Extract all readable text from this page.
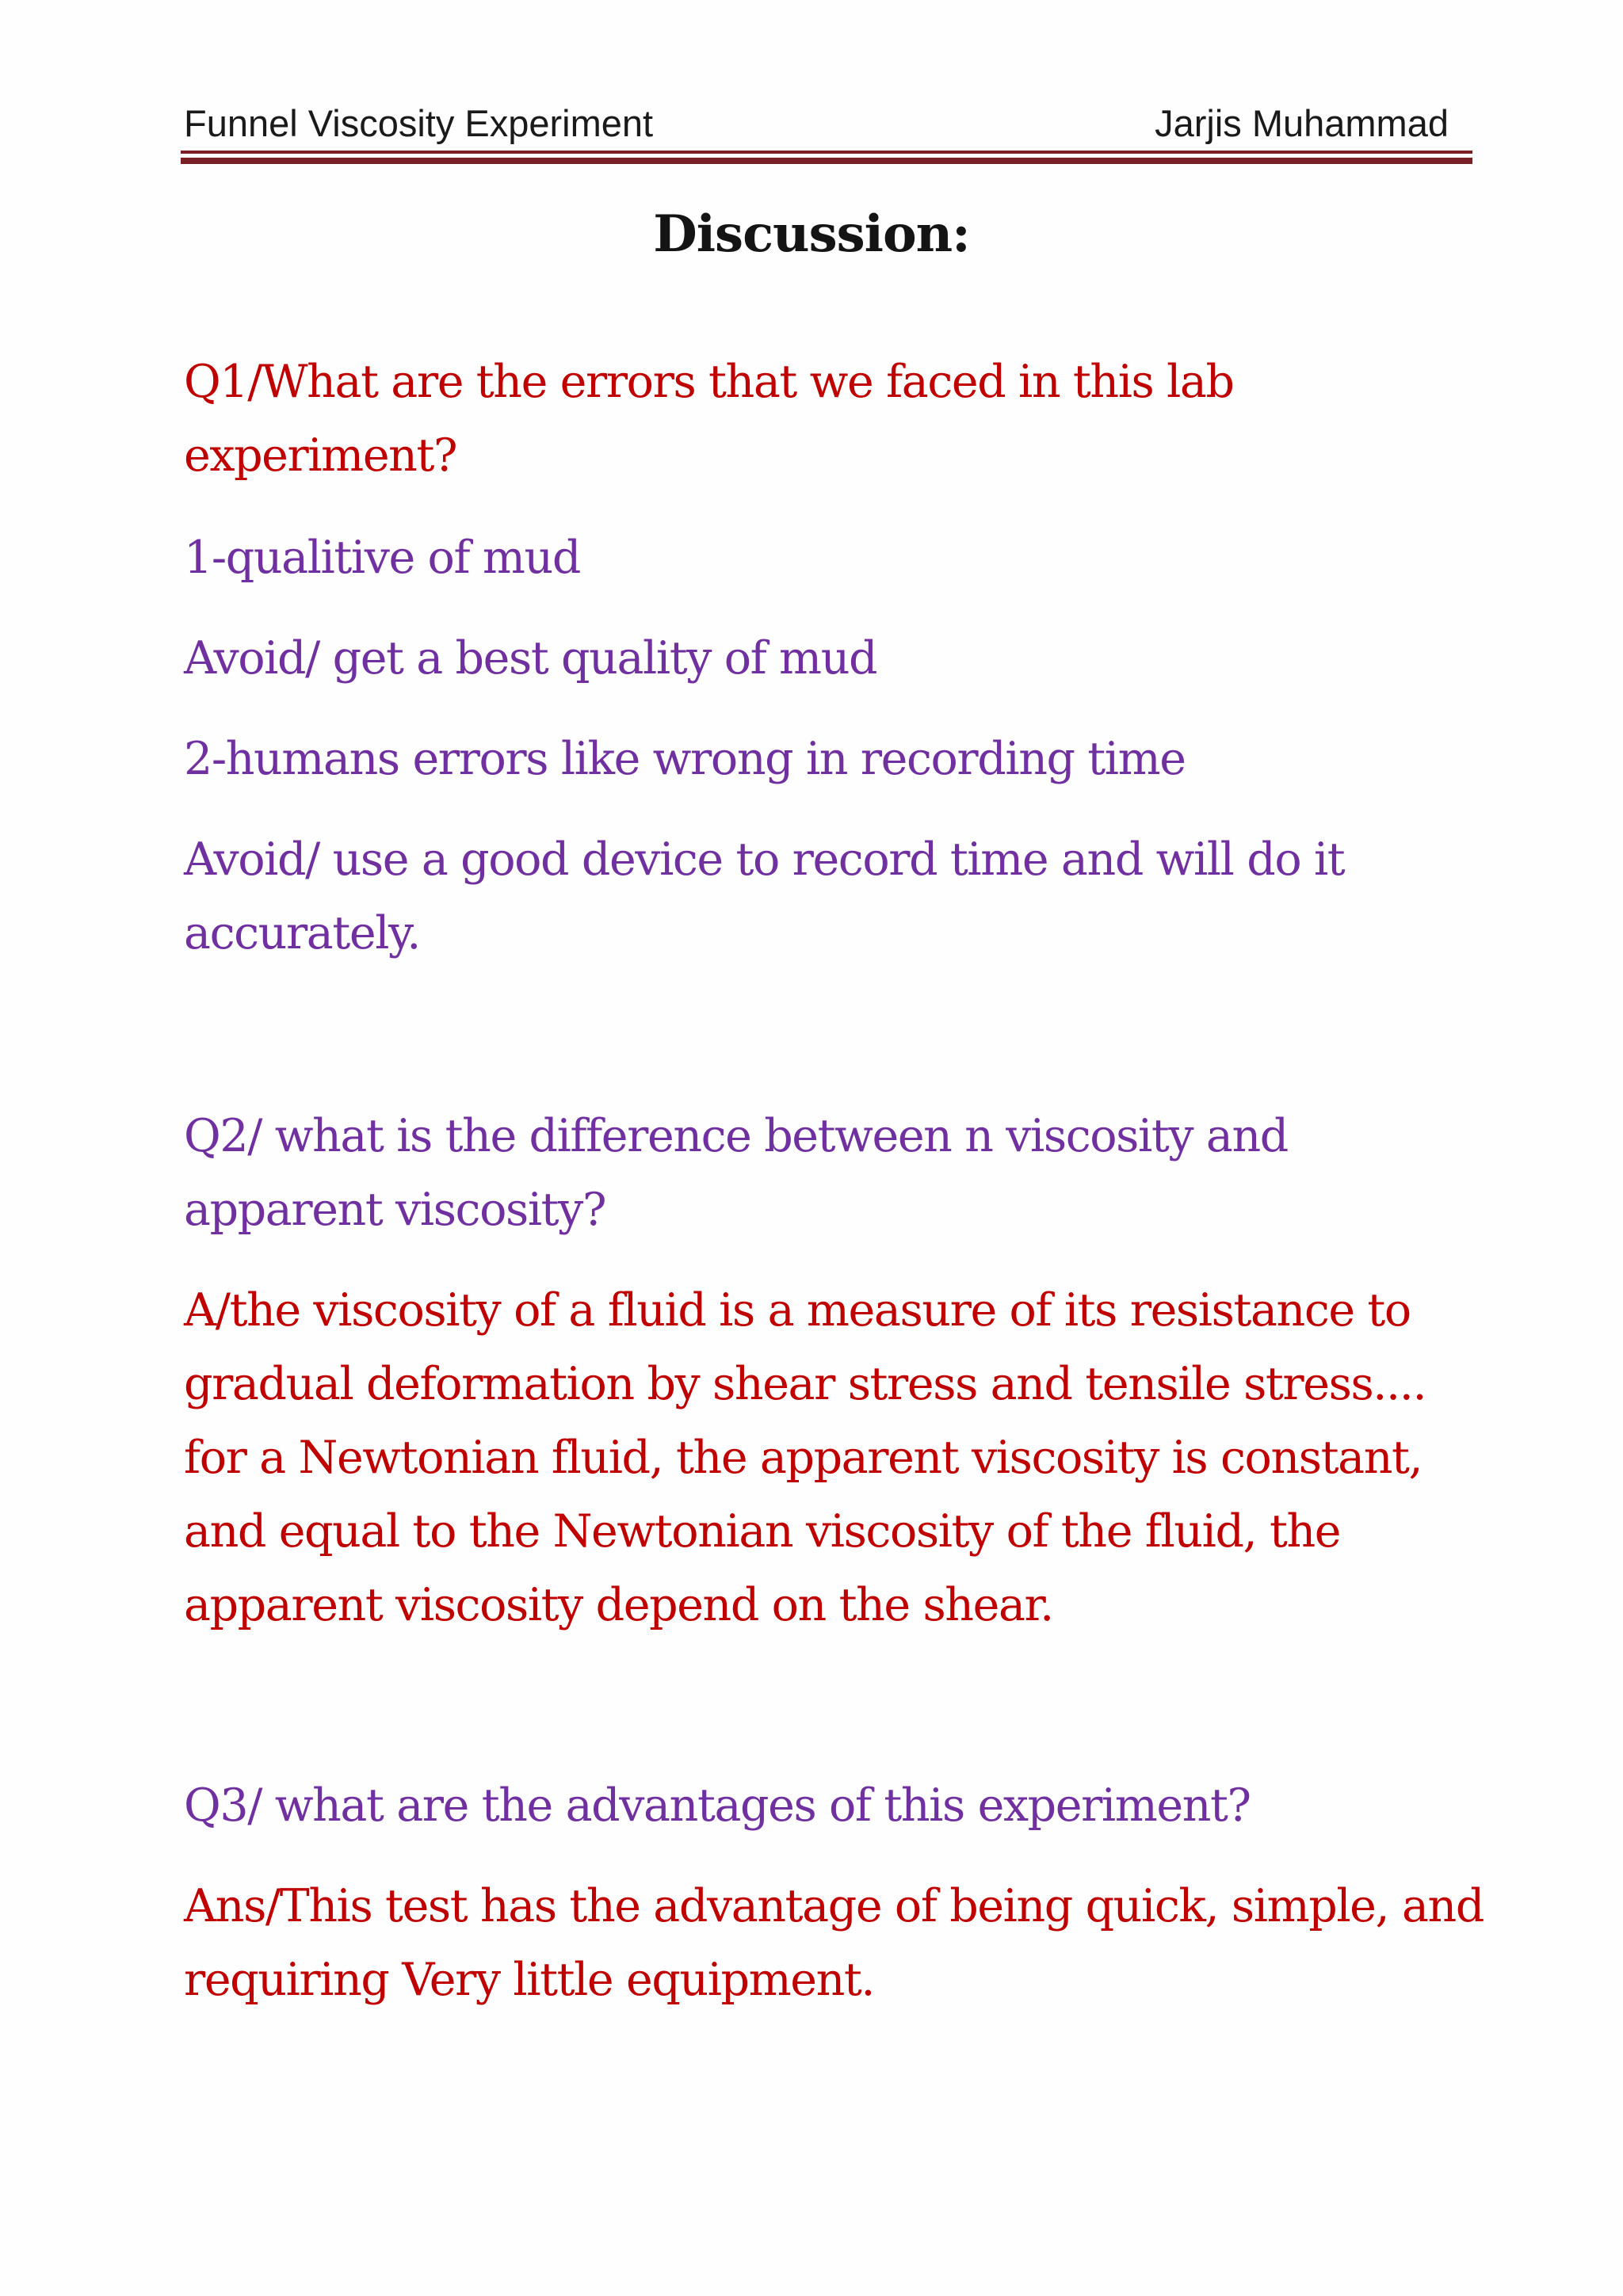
Funnel Viscosity Experiment	Jarjis Muhammad
Discussion:
Q1/What are the errors that we faced in this lab experiment?
1-qualitive of mud
Avoid/ get a best quality of mud
2-humans errors like wrong in recording time
Avoid/ use a good device to record time and will do it accurately.
Q2/ what is the difference between n viscosity and apparent viscosity?
A/the viscosity of a fluid is a measure of its resistance to gradual deformation by shear stress and tensile stress.... for a Newtonian fluid, the apparent viscosity is constant, and equal to the Newtonian viscosity of the fluid, the apparent viscosity depend on the shear.
Q3/ what are the advantages of this experiment?
Ans/This test has the advantage of being quick, simple, and requiring Very little equipment.
